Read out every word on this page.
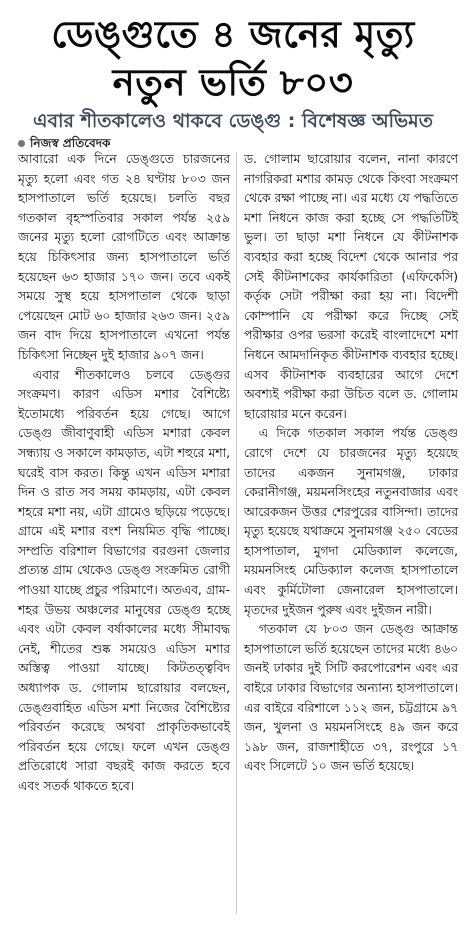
ডেঙ্গুতে ৪ জনের মৃত্যু
নতুন ভর্তি ৮০৩
এবার শীতকালেও থাকবে ডেঙ্গু : বিশেষজ্ঞ অভিমত
নিজস্ব প্রতিবেদক

আবারো এক দিনে ডেঙ্গুতে চারজনের মৃত্যু হলো এবং গত ২৪ ঘণ্টায় ৮০৩ জন হাসপাতালে ভর্তি হয়েছে। চলতি বছর গতকাল বৃহস্পতিবার সকাল পর্যন্ত ২৫৯ জনের মৃত্যু হলো রোগটিতে এবং আক্রান্ত হয়ে চিকিৎসার জন্য হাসপাতালে ভর্তি হয়েছেন ৬৩ হাজার ১৭০ জন। তবে একই সময়ে সুস্থ হয়ে হাসপাতাল থেকে ছাড়া পেয়েছেন মোট ৬০ হাজার ২৬৩ জন। ২৫৯ জন বাদ দিয়ে হাসপাতালে এখনো পর্যন্ত চিকিৎসা নিচ্ছেন দুই হাজার ৯০৭ জন।

এবার শীতকালেও চলবে ডেঙ্গুর সংক্রমণ। কারণ এডিস মশার বৈশিষ্ট্যে ইতোমধ্যে পরিবর্তন হয়ে গেছে। আগে ডেঙ্গু জীবাণুবাহী এডিস মশারা কেবল সন্ধ্যায় ও সকালে কামড়াত, এটা শহুরে মশা, ঘরেই বাস করত। কিন্তু এখন এডিস মশারা দিন ও রাত সব সময় কামড়ায়, এটা কেবল শহরে মশা নয়, এটা গ্রামেও ছড়িয়ে পড়েছে। গ্রামে এই মশার বংশ নিয়মিত বৃদ্ধি পাচ্ছে। সম্প্রতি বরিশাল বিভাগের বরগুনা জেলার প্রত্যন্ত গ্রাম থেকেও ডেঙ্গু সংক্রমিত রোগী পাওয়া যাচ্ছে প্রচুর পরিমাণে। অতএব, গ্রাম-শহর উভয় অঞ্চলের মানুষের ডেঙ্গু হচ্ছে এবং এটা কেবল বর্ষাকালের মধ্যে সীমাবদ্ধ নেই, শীতের শুষ্ক সময়েও এডিস মশার অস্তিত্ব পাওয়া যাচ্ছে। কিটতত্ত্ববিদ অধ্যাপক ড. গোলাম ছারোয়ার বলছেন, ডেঙ্গুবাহিত এডিস মশা নিজের বৈশিষ্ট্যের পরিবর্তন করেছে অথবা প্রাকৃতিকভাবেই পরিবর্তন হয়ে গেছে। ফলে এখন ডেঙ্গু প্রতিরোধে সারা বছরই কাজ করতে হবে এবং সতর্ক থাকতে হবে।

ড. গোলাম ছারোয়ার বলেন, নানা কারণে নাগরিকরা মশার কামড় থেকে কিংবা সংক্রমণ থেকে রক্ষা পাচ্ছে না। এর মধ্যে যে পদ্ধতিতে মশা নিধনে কাজ করা হচ্ছে সে পদ্ধতিটিই ভুল। তা ছাড়া মশা নিধনে যে কীটনাশক ব্যবহার করা হচ্ছে বিদেশ থেকে আনার পর সেই কীটনাশকের কার্যকারিতা (এফিকেসি) কর্তৃক সেটা পরীক্ষা করা হয় না। বিদেশী কোম্পানি যে পরীক্ষা করে দিচ্ছে সেই পরীক্ষার ওপর ভরসা করেই বাংলাদেশে মশা নিধনে আমদানিকৃত কীটনাশক ব্যবহার হচ্ছে। এসব কীটনাশক ব্যবহারের আগে দেশে অবশ্যই পরীক্ষা করা উচিত বলে ড. গোলাম ছারোয়ার মনে করেন।

এ দিকে গতকাল সকাল পর্যন্ত ডেঙ্গু রোগে দেশে যে চারজনের মৃত্যু হয়েছে তাদের একজন সুনামগঞ্জ, ঢাকার কেরানীগঞ্জ, ময়মনসিংহের নতুনবাজার এবং আরেকজন উত্তর শেরপুরের বাসিন্দা। তাদের মৃত্যু হয়েছে যথাক্রমে সুনামগঞ্জ ২৫০ বেডের হাসপাতাল, মুগদা মেডিক্যাল কলেজে, ময়মনসিংহ মেডিক্যাল কলেজ হাসপাতালে এবং কুর্মিটোলা জেনারেল হাসপাতালে। মৃতদের দুইজন পুরুষ এবং দুইজন নারী।

গতকাল যে ৮০৩ জন ডেঙ্গু আক্রান্ত হাসপাতালে ভর্তি হয়েছেন তাদের মধ্যে ৪৬০ জনই ঢাকার দুই সিটি করপোরেশন এবং এর বাইরে ঢাকার বিভাগের অন্যান্য হাসপাতালে। এর বাইরে বরিশালে ১১২ জন, চট্টগ্রামে ৯৭ জন, খুলনা ও ময়মনসিংহে ৪৯ জন করে ১৯৮ জন, রাজশাহীতে ৩৭, রংপুরে ১৭ এবং সিলেটে ১০ জন ভর্তি হয়েছে।
